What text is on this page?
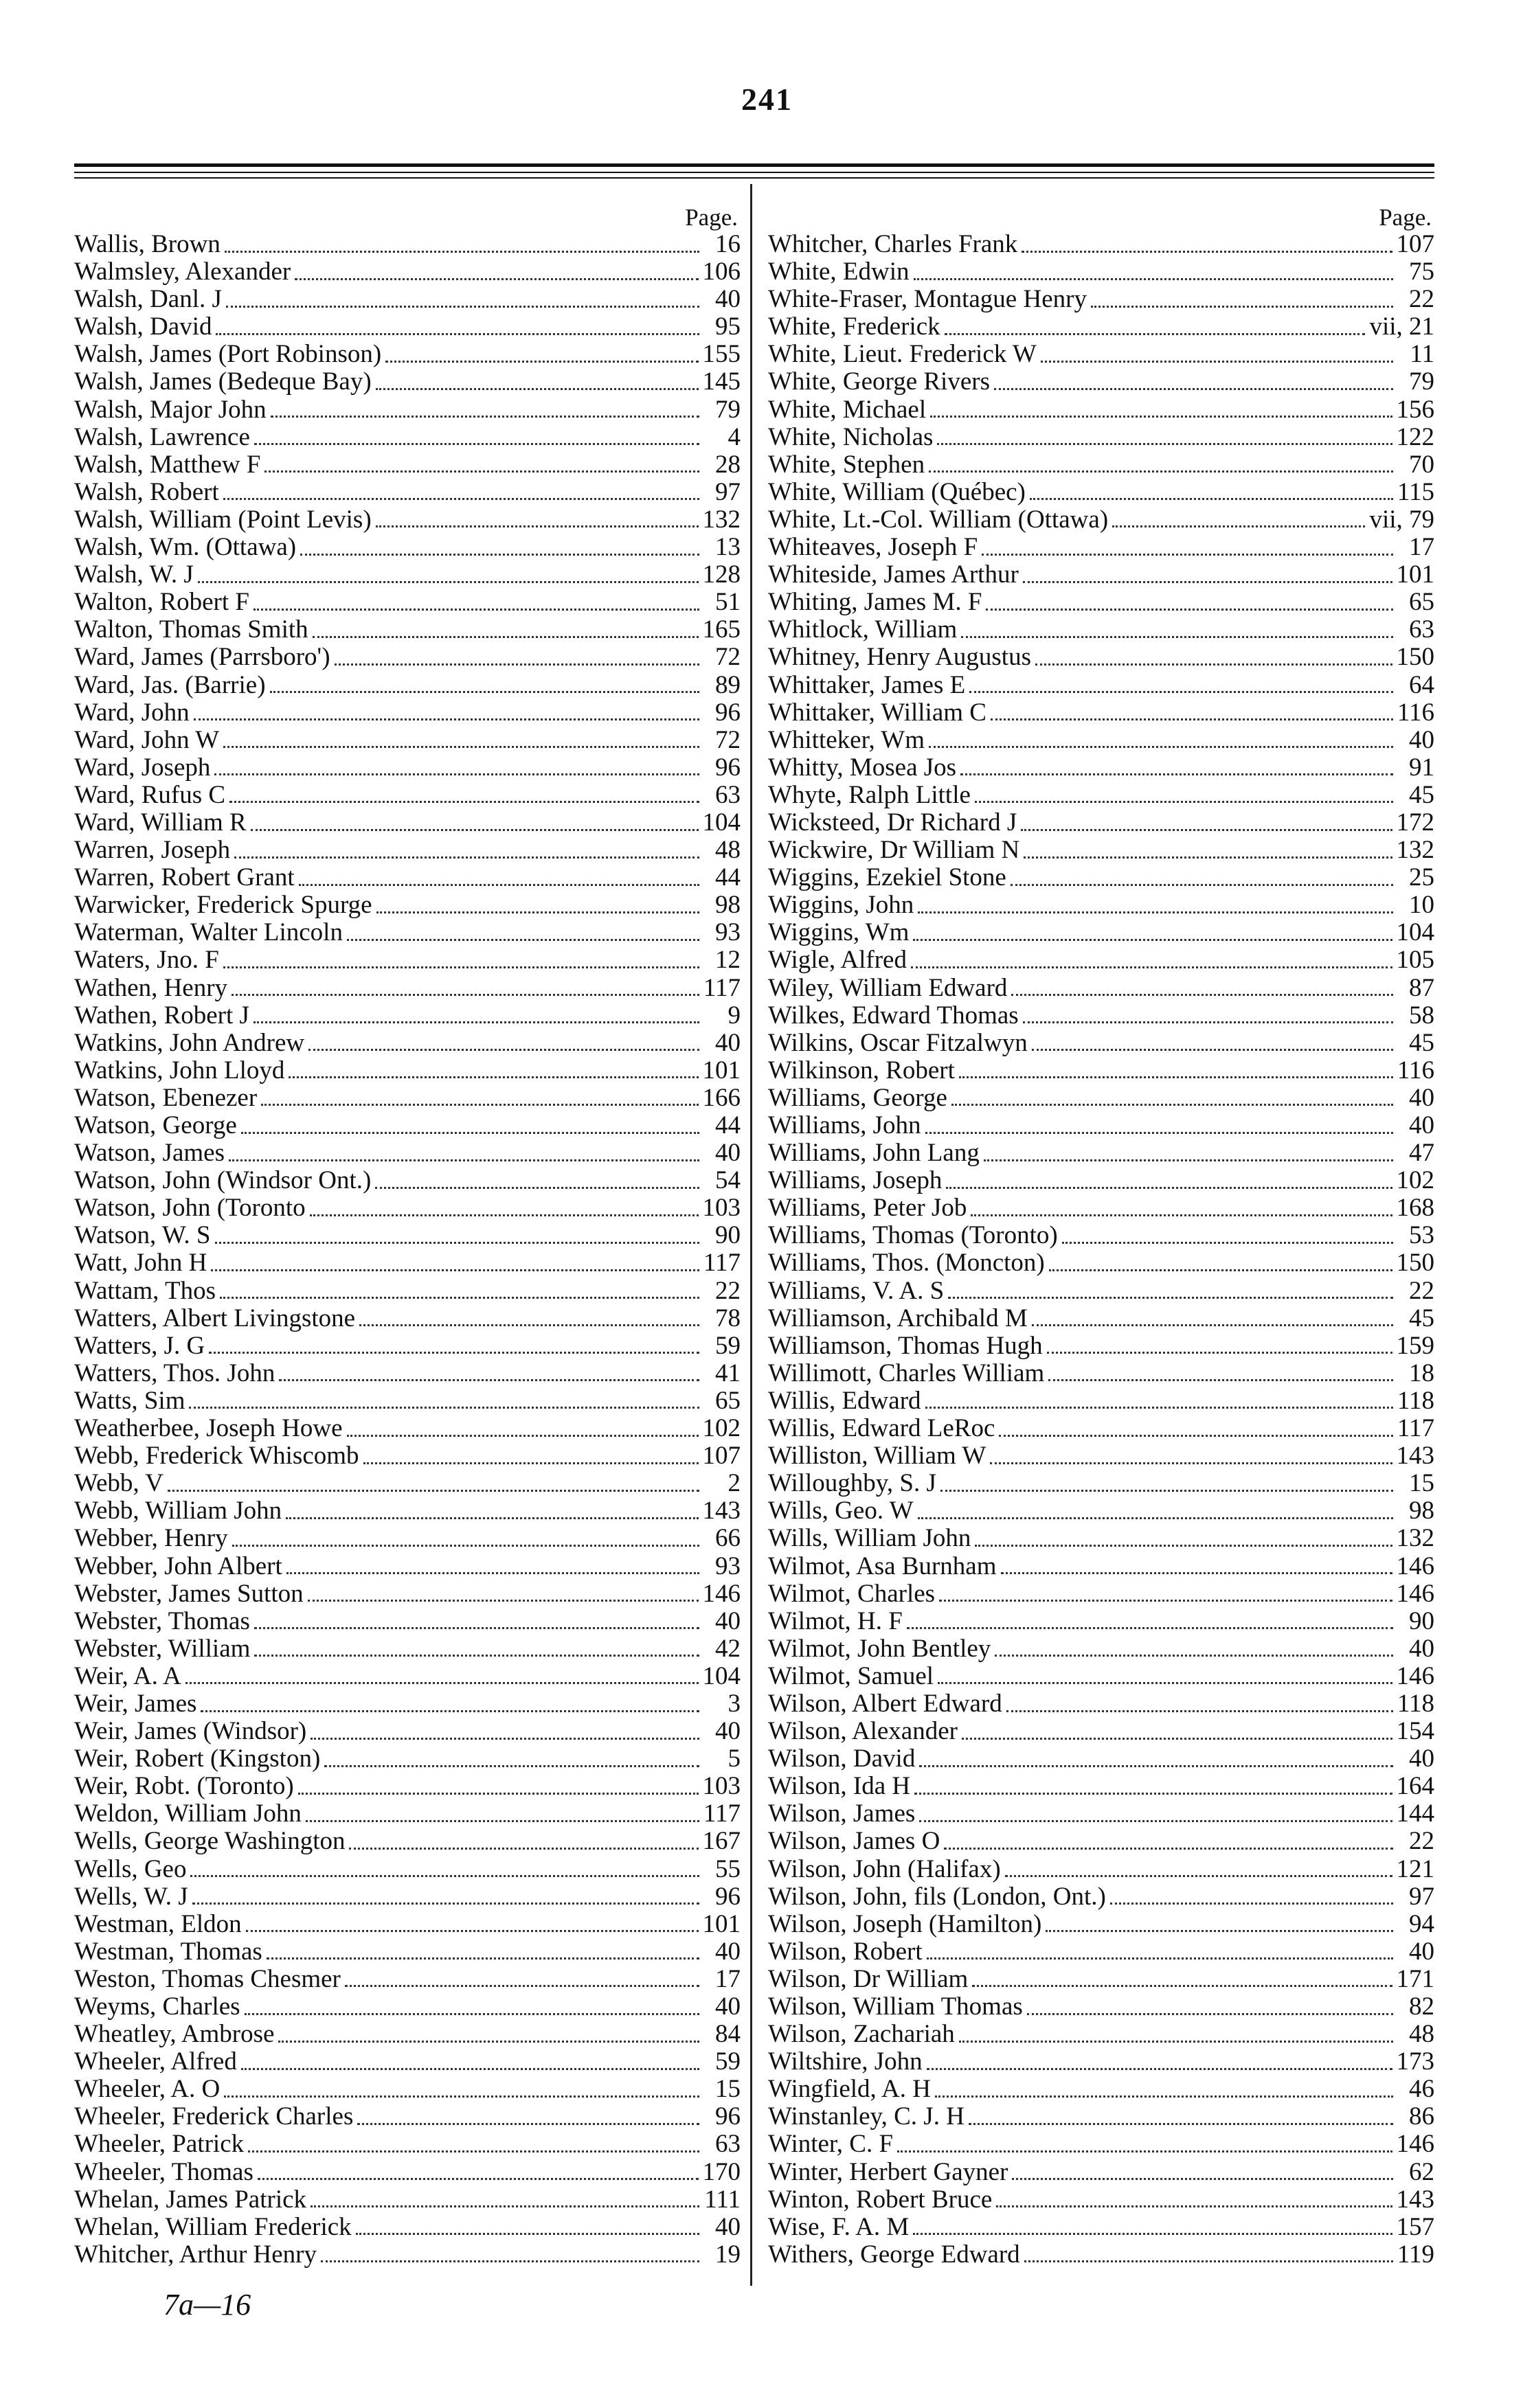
241
Page.
Wallis, Brown	16
Walmsley, Alexander	106
Walsh, Danl. J	40
Walsh, David	95
Walsh, James (Port Robinson)	155
Walsh, James (Bedeque Bay)	145
Walsh, Major John	79
Walsh, Lawrence	4
Walsh, Matthew F	28
Walsh, Robert	97
Walsh, William (Point Levis)	132
Walsh, Wm. (Ottawa)	13
Walsh, W. J	128
Walton, Robert F	51
Walton, Thomas Smith	165
Ward, James (Parrsboro')	72
Ward, Jas. (Barrie)	89
Ward, John	96
Ward, John W	72
Ward, Joseph	96
Ward, Rufus C	63
Ward, William R	104
Warren, Joseph	48
Warren, Robert Grant	44
Warwicker, Frederick Spurge	98
Waterman, Walter Lincoln	93
Waters, Jno. F	12
Wathen, Henry	117
Wathen, Robert J	9
Watkins, John Andrew	40
Watkins, John Lloyd	101
Watson, Ebenezer	166
Watson, George	44
Watson, James	40
Watson, John (Windsor Ont.)	54
Watson, John (Toronto	103
Watson, W. S	90
Watt, John H	117
Wattam, Thos	22
Watters, Albert Livingstone	78
Watters, J. G	59
Watters, Thos. John	41
Watts, Sim	65
Weatherbee, Joseph Howe	102
Webb, Frederick Whiscomb	107
Webb, V	2
Webb, William John	143
Webber, Henry	66
Webber, John Albert	93
Webster, James Sutton	146
Webster, Thomas	40
Webster, William	42
Weir, A. A	104
Weir, James	3
Weir, James (Windsor)	40
Weir, Robert (Kingston)	5
Weir, Robt. (Toronto)	103
Weldon, William John	117
Wells, George Washington	167
Wells, Geo	55
Wells, W. J	96
Westman, Eldon	101
Westman, Thomas	40
Weston, Thomas Chesmer	17
Weyms, Charles	40
Wheatley, Ambrose	84
Wheeler, Alfred	59
Wheeler, A. O	15
Wheeler, Frederick Charles	96
Wheeler, Patrick	63
Wheeler, Thomas	170
Whelan, James Patrick	111
Whelan, William Frederick	40
Whitcher, Arthur Henry	19
Page.
Whitcher, Charles Frank	107
White, Edwin	75
White-Fraser, Montague Henry	22
White, Frederick	vii, 21
White, Lieut. Frederick W	11
White, George Rivers	79
White, Michael	156
White, Nicholas	122
White, Stephen	70
White, William (Québec)	115
White, Lt.-Col. William (Ottawa)	vii, 79
Whiteaves, Joseph F	17
Whiteside, James Arthur	101
Whiting, James M. F	65
Whitlock, William	63
Whitney, Henry Augustus	150
Whittaker, James E	64
Whittaker, William C	116
Whitteker, Wm	40
Whitty, Mosea Jos	91
Whyte, Ralph Little	45
Wicksteed, Dr Richard J	172
Wickwire, Dr William N	132
Wiggins, Ezekiel Stone	25
Wiggins, John	10
Wiggins, Wm	104
Wigle, Alfred	105
Wiley, William Edward	87
Wilkes, Edward Thomas	58
Wilkins, Oscar Fitzalwyn	45
Wilkinson, Robert	116
Williams, George	40
Williams, John	40
Williams, John Lang	47
Williams, Joseph	102
Williams, Peter Job	168
Williams, Thomas (Toronto)	53
Williams, Thos. (Moncton)	150
Williams, V. A. S	22
Williamson, Archibald M	45
Williamson, Thomas Hugh	159
Willimott, Charles William	18
Willis, Edward	118
Willis, Edward LeRoc	117
Williston, William W	143
Willoughby, S. J	15
Wills, Geo. W	98
Wills, William John	132
Wilmot, Asa Burnham	146
Wilmot, Charles	146
Wilmot, H. F	90
Wilmot, John Bentley	40
Wilmot, Samuel	146
Wilson, Albert Edward	118
Wilson, Alexander	154
Wilson, David	40
Wilson, Ida H	164
Wilson, James	144
Wilson, James O	22
Wilson, John (Halifax)	121
Wilson, John, fils (London, Ont.)	97
Wilson, Joseph (Hamilton)	94
Wilson, Robert	40
Wilson, Dr William	171
Wilson, William Thomas	82
Wilson, Zachariah	48
Wiltshire, John	173
Wingfield, A. H	46
Winstanley, C. J. H	86
Winter, C. F	146
Winter, Herbert Gayner	62
Winton, Robert Bruce	143
Wise, F. A. M	157
Withers, George Edward	119
7a—16
